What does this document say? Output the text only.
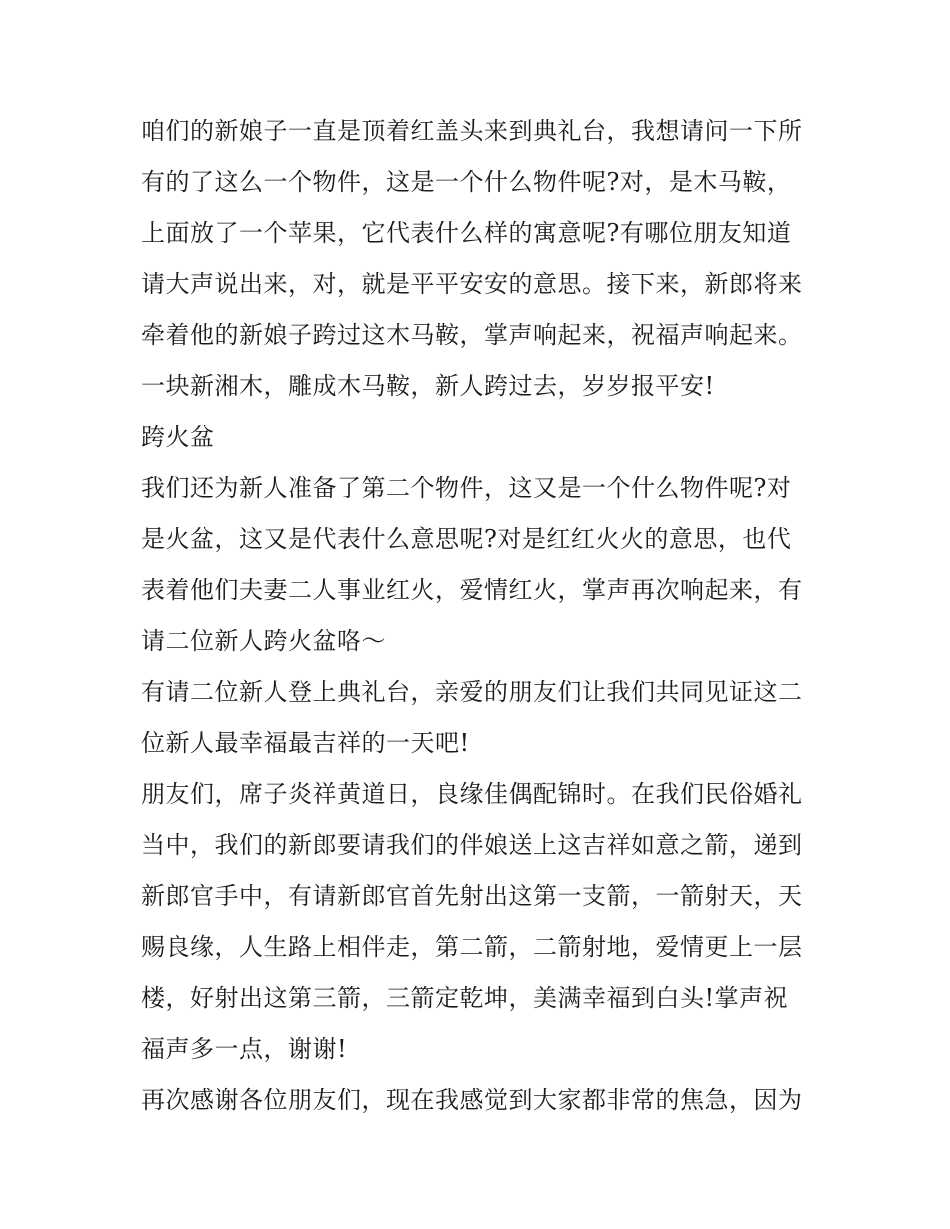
咱们的新娘子一直是顶着红盖头来到典礼台，我想请问一下所
有的了这么一个物件，这是一个什么物件呢?对，是木马鞍，
上面放了一个苹果，它代表什么样的寓意呢?有哪位朋友知道
请大声说出来，对，就是平平安安的意思。接下来，新郎将来
牵着他的新娘子跨过这木马鞍，掌声响起来，祝福声响起来。
一块新湘木，雕成木马鞍，新人跨过去，岁岁报平安!
跨火盆
我们还为新人准备了第二个物件，这又是一个什么物件呢?对
是火盆，这又是代表什么意思呢?对是红红火火的意思，也代
表着他们夫妻二人事业红火，爱情红火，掌声再次响起来，有
请二位新人跨火盆咯～
有请二位新人登上典礼台，亲爱的朋友们让我们共同见证这二
位新人最幸福最吉祥的一天吧!
朋友们，席子炎祥黄道日，良缘佳偶配锦时。在我们民俗婚礼
当中，我们的新郎要请我们的伴娘送上这吉祥如意之箭，递到
新郎官手中，有请新郎官首先射出这第一支箭，一箭射天，天
赐良缘，人生路上相伴走，第二箭，二箭射地，爱情更上一层
楼，好射出这第三箭，三箭定乾坤，美满幸福到白头!掌声祝
福声多一点，谢谢!
再次感谢各位朋友们，现在我感觉到大家都非常的焦急，因为
